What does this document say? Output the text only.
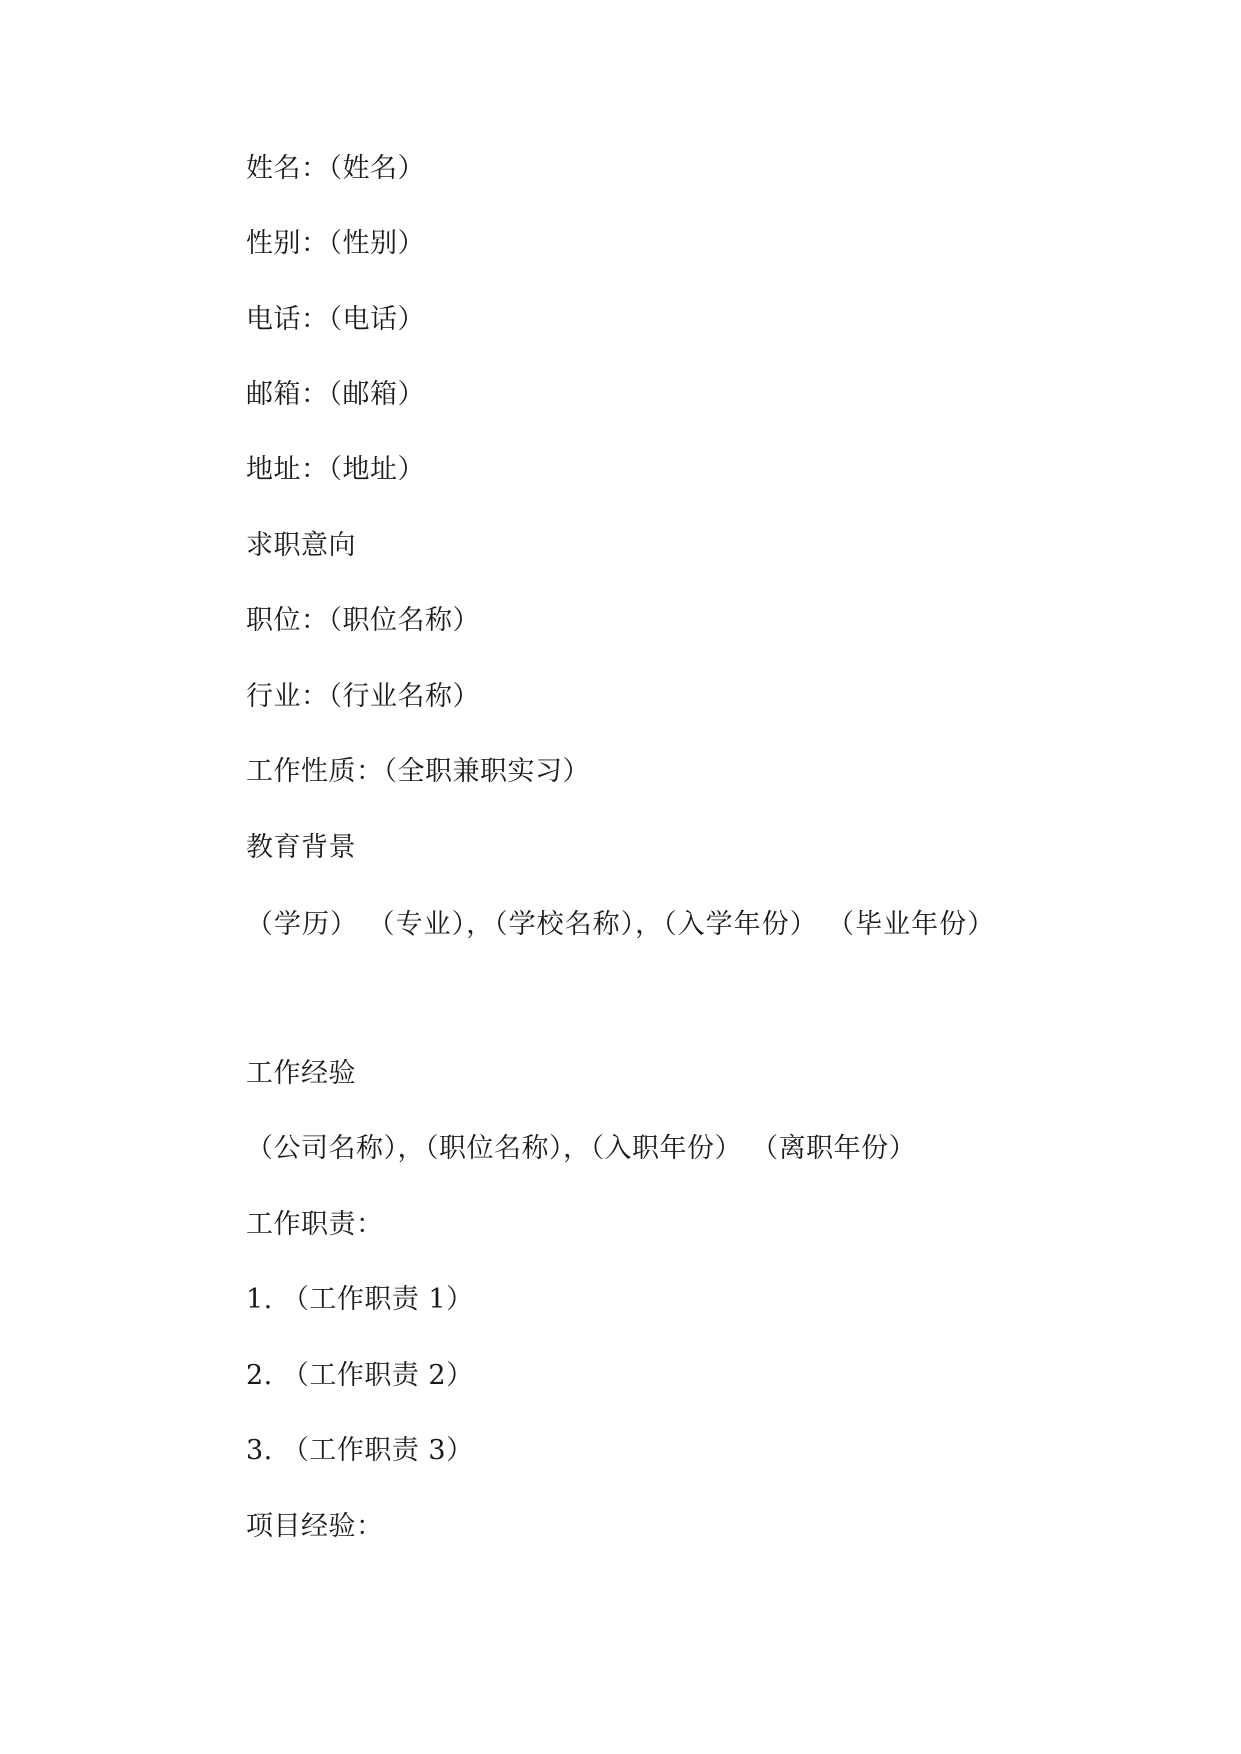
姓名：（姓名）
性别：（性别）
电话：（电话）
邮箱：（邮箱）
地址：（地址）
求职意向
职位：（职位名称）
行业：（行业名称）
工作性质：（全职兼职实习）
教育背景
（学历） （专业），（学校名称），（入学年份） （毕业年份）
工作经验
（公司名称），（职位名称），（入职年份） （离职年份）
工作职责：
1. （工作职责 1）
2. （工作职责 2）
3. （工作职责 3）
项目经验：
